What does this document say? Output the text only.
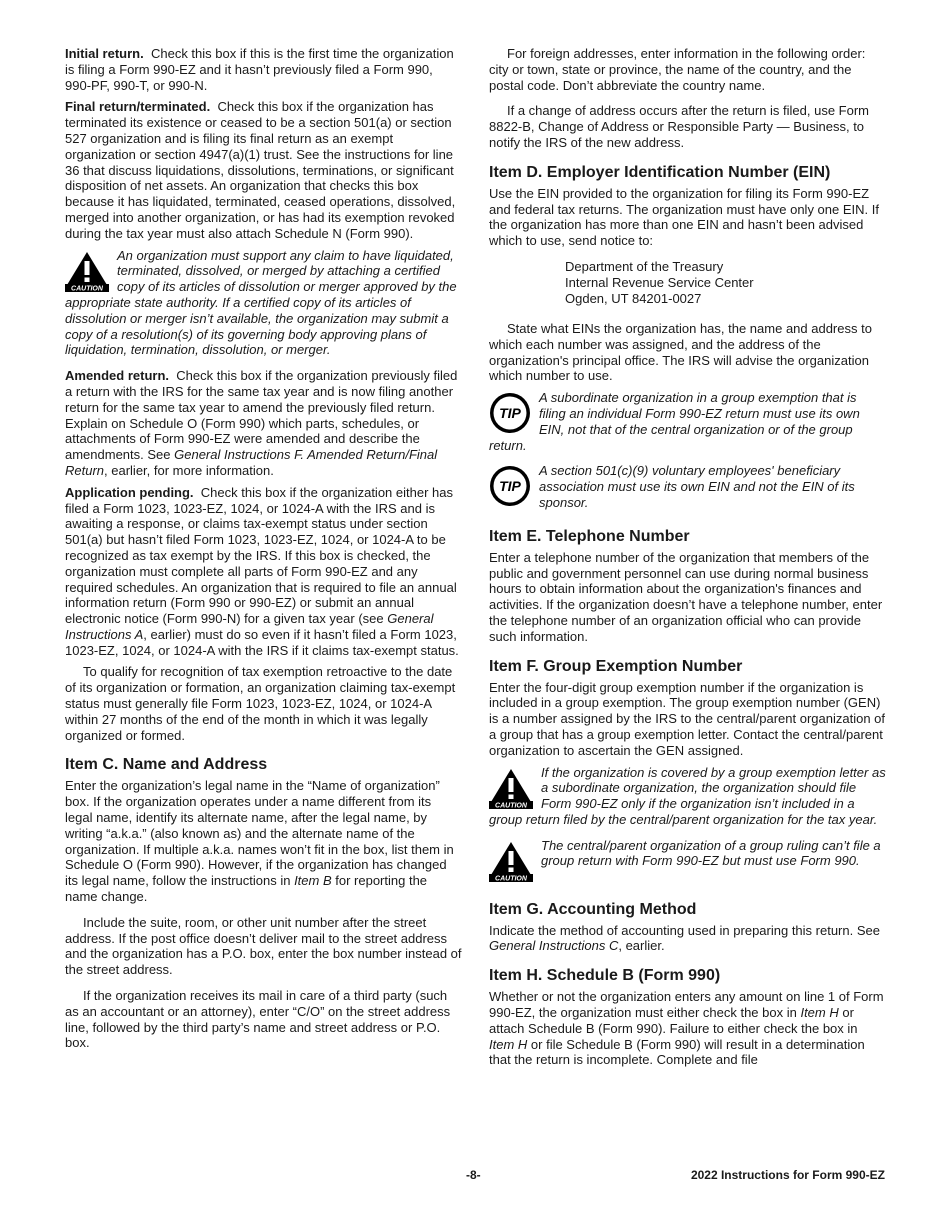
Initial return. Check this box if this is the first time the organization is filing a Form 990-EZ and it hasn’t previously filed a Form 990, 990-PF, 990-T, or 990-N.

Final return/terminated. Check this box if the organization has terminated its existence or ceased to be a section 501(a) or section 527 organization and is filing its final return as an exempt organization or section 4947(a)(1) trust. See the instructions for line 36 that discuss liquidations, dissolutions, terminations, or significant disposition of net assets. An organization that checks this box because it has liquidated, terminated, ceased operations, dissolved, merged into another organization, or has had its exemption revoked during the tax year must also attach Schedule N (Form 990).

CAUTION
An organization must support any claim to have liquidated, terminated, dissolved, or merged by attaching a certified copy of its articles of dissolution or merger approved by the appropriate state authority. If a certified copy of its articles of dissolution or merger isn’t available, the organization may submit a copy of a resolution(s) of its governing body approving plans of liquidation, termination, dissolution, or merger.

Amended return. Check this box if the organization previously filed a return with the IRS for the same tax year and is now filing another return for the same tax year to amend the previously filed return. Explain on Schedule O (Form 990) which parts, schedules, or attachments of Form 990-EZ were amended and describe the amendments. See General Instructions F. Amended Return/Final Return, earlier, for more information.

Application pending. Check this box if the organization either has filed a Form 1023, 1023-EZ, 1024, or 1024-A with the IRS and is awaiting a response, or claims tax-exempt status under section 501(a) but hasn’t filed Form 1023, 1023-EZ, 1024, or 1024-A to be recognized as tax exempt by the IRS. If this box is checked, the organization must complete all parts of Form 990-EZ and any required schedules. An organization that is required to file an annual information return (Form 990 or 990-EZ) or submit an annual electronic notice (Form 990-N) for a given tax year (see General Instructions A, earlier) must do so even if it hasn’t filed a Form 1023, 1023-EZ, 1024, or 1024-A with the IRS if it claims tax-exempt status.

To qualify for recognition of tax exemption retroactive to the date of its organization or formation, an organization claiming tax-exempt status must generally file Form 1023, 1023-EZ, 1024, or 1024-A within 27 months of the end of the month in which it was legally organized or formed.

Item C. Name and Address

Enter the organization’s legal name in the “Name of organization” box. If the organization operates under a name different from its legal name, identify its alternate name, after the legal name, by writing “a.k.a.” (also known as) and the alternate name of the organization. If multiple a.k.a. names won’t fit in the box, list them in Schedule O (Form 990). However, if the organization has changed its legal name, follow the instructions in Item B for reporting the name change.

Include the suite, room, or other unit number after the street address. If the post office doesn’t deliver mail to the street address and the organization has a P.O. box, enter the box number instead of the street address.

If the organization receives its mail in care of a third party (such as an accountant or an attorney), enter “C/O” on the street address line, followed by the third party’s name and street address or P.O. box.

For foreign addresses, enter information in the following order: city or town, state or province, the name of the country, and the postal code. Don’t abbreviate the country name.

If a change of address occurs after the return is filed, use Form 8822-B, Change of Address or Responsible Party — Business, to notify the IRS of the new address.

Item D. Employer Identification Number (EIN)

Use the EIN provided to the organization for filing its Form 990-EZ and federal tax returns. The organization must have only one EIN. If the organization has more than one EIN and hasn’t been advised which to use, send notice to:

Department of the Treasury
Internal Revenue Service Center
Ogden, UT 84201-0027

State what EINs the organization has, the name and address to which each number was assigned, and the address of the organization's principal office. The IRS will advise the organization which number to use.

TIP
A subordinate organization in a group exemption that is filing an individual Form 990-EZ return must use its own EIN, not that of the central organization or of the group return.
TIP
A section 501(c)(9) voluntary employees' beneficiary association must use its own EIN and not the EIN of its sponsor.
Item E. Telephone Number

Enter a telephone number of the organization that members of the public and government personnel can use during normal business hours to obtain information about the organization's finances and activities. If the organization doesn’t have a telephone number, enter the telephone number of an organization official who can provide such information.

Item F. Group Exemption Number

Enter the four-digit group exemption number if the organization is included in a group exemption. The group exemption number (GEN) is a number assigned by the IRS to the central/parent organization of a group that has a group exemption letter. Contact the central/parent organization to ascertain the GEN assigned.

CAUTION
If the organization is covered by a group exemption letter as a subordinate organization, the organization should file Form 990-EZ only if the organization isn’t included in a group return filed by the central/parent organization for the tax year.
CAUTION
The central/parent organization of a group ruling can’t file a group return with Form 990-EZ but must use Form 990.
Item G. Accounting Method

Indicate the method of accounting used in preparing this return. See General Instructions C, earlier.

Item H. Schedule B (Form 990)

Whether or not the organization enters any amount on line 1 of Form 990-EZ, the organization must either check the box in Item H or attach Schedule B (Form 990). Failure to either check the box in Item H or file Schedule B (Form 990) will result in a determination that the return is incomplete. Complete and file

-8-	2022 Instructions for Form 990-EZ
